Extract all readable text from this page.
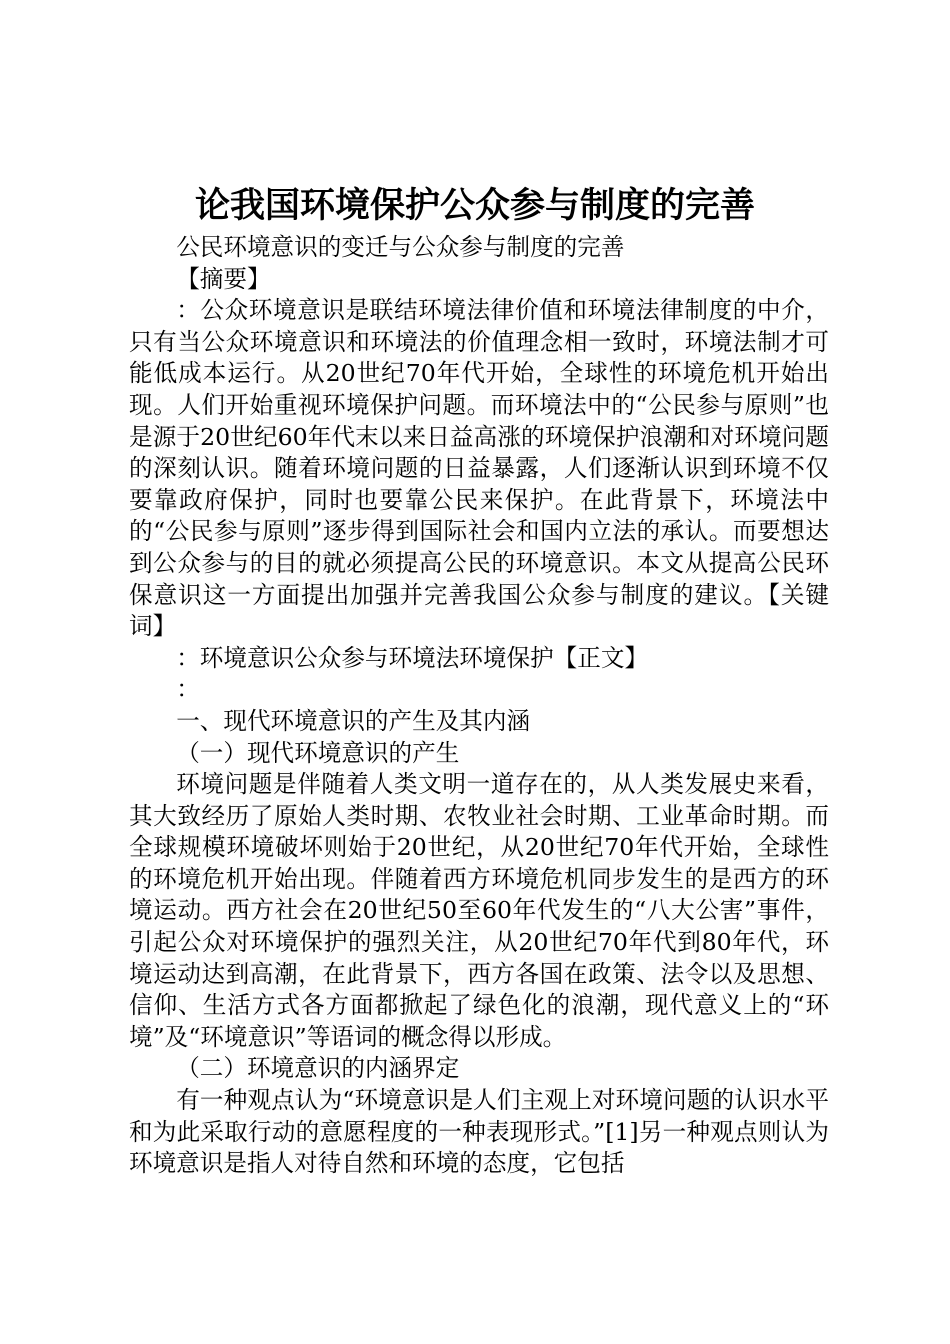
论我国环境保护公众参与制度的完善

公民环境意识的变迁与公众参与制度的完善

【摘要】

：公众环境意识是联结环境法律价值和环境法律制度的中介，只有当公众环境意识和环境法的价值理念相一致时，环境法制才可能低成本运行。从20世纪70年代开始，全球性的环境危机开始出现。人们开始重视环境保护问题。而环境法中的“公民参与原则”也是源于20世纪60年代末以来日益高涨的环境保护浪潮和对环境问题的深刻认识。随着环境问题的日益暴露，人们逐渐认识到环境不仅要靠政府保护，同时也要靠公民来保护。在此背景下，环境法中的“公民参与原则”逐步得到国际社会和国内立法的承认。而要想达到公众参与的目的就必须提高公民的环境意识。本文从提高公民环保意识这一方面提出加强并完善我国公众参与制度的建议。【关键词】

：环境意识公众参与环境法环境保护【正文】

：

一、现代环境意识的产生及其内涵

（一）现代环境意识的产生

环境问题是伴随着人类文明一道存在的，从人类发展史来看，其大致经历了原始人类时期、农牧业社会时期、工业革命时期。而全球规模环境破坏则始于20世纪，从20世纪70年代开始，全球性的环境危机开始出现。伴随着西方环境危机同步发生的是西方的环境运动。西方社会在20世纪50至60年代发生的“八大公害”事件，引起公众对环境保护的强烈关注，从20世纪70年代到80年代，环境运动达到高潮，在此背景下，西方各国在政策、法令以及思想、信仰、生活方式各方面都掀起了绿色化的浪潮，现代意义上的“环境”及“环境意识”等语词的概念得以形成。

（二）环境意识的内涵界定

有一种观点认为“环境意识是人们主观上对环境问题的认识水平和为此采取行动的意愿程度的一种表现形式。”[1]另一种观点则认为环境意识是指人对待自然和环境的态度，它包括
